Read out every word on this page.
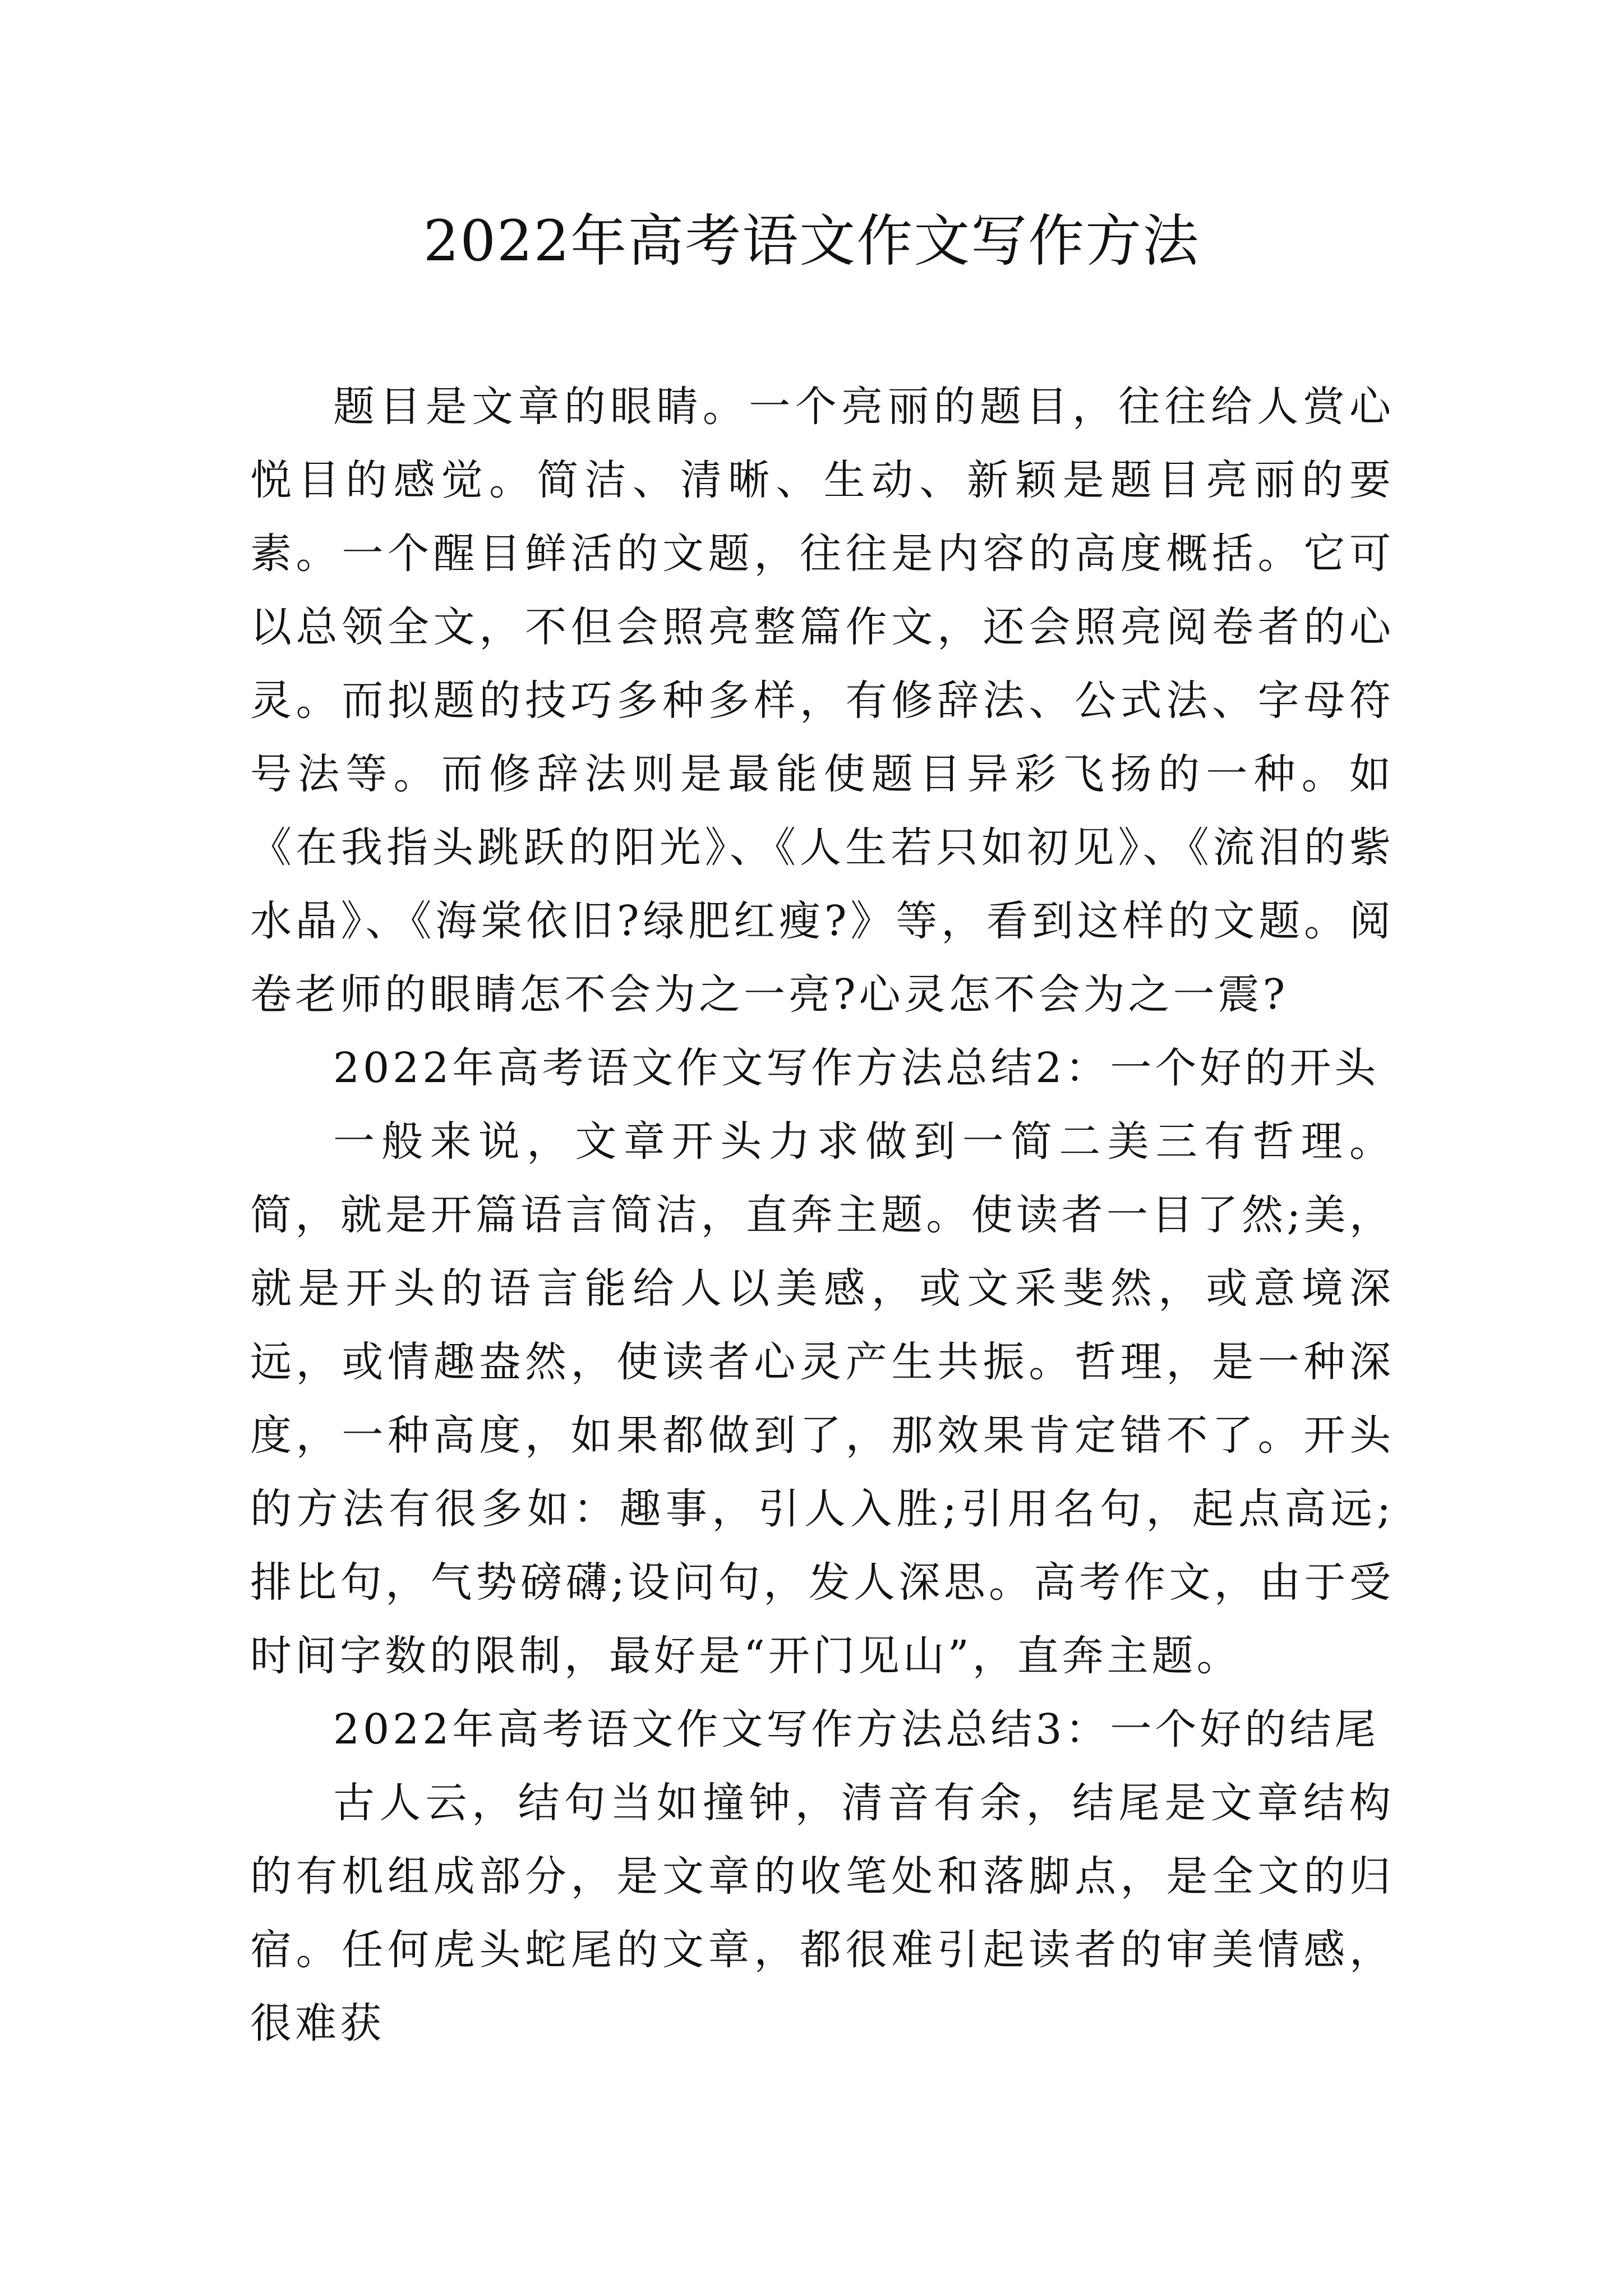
2022年高考语文作文写作方法

题目是文章的眼睛。一个亮丽的题目，往往给人赏心悦目的感觉。简洁、清晰、生动、新颖是题目亮丽的要素。一个醒目鲜活的文题，往往是内容的高度概括。它可以总领全文，不但会照亮整篇作文，还会照亮阅卷者的心灵。而拟题的技巧多种多样，有修辞法、公式法、字母符号法等。而修辞法则是最能使题目异彩飞扬的一种。如《在我指头跳跃的阳光》、《人生若只如初见》、《流泪的紫水晶》、《海棠依旧?绿肥红瘦?》等，看到这样的文题。阅卷老师的眼睛怎不会为之一亮?心灵怎不会为之一震?

2022年高考语文作文写作方法总结2：一个好的开头

一般来说，文章开头力求做到一简二美三有哲理。简，就是开篇语言简洁，直奔主题。使读者一目了然;美，就是开头的语言能给人以美感，或文采斐然，或意境深远，或情趣盎然，使读者心灵产生共振。哲理，是一种深度，一种高度，如果都做到了，那效果肯定错不了。开头的方法有很多如：趣事，引人入胜;引用名句，起点高远;排比句，气势磅礴;设问句，发人深思。高考作文，由于受时间字数的限制，最好是“开门见山”，直奔主题。

2022年高考语文作文写作方法总结3：一个好的结尾

古人云，结句当如撞钟，清音有余，结尾是文章结构的有机组成部分，是文章的收笔处和落脚点，是全文的归宿。任何虎头蛇尾的文章，都很难引起读者的审美情感，很难获
